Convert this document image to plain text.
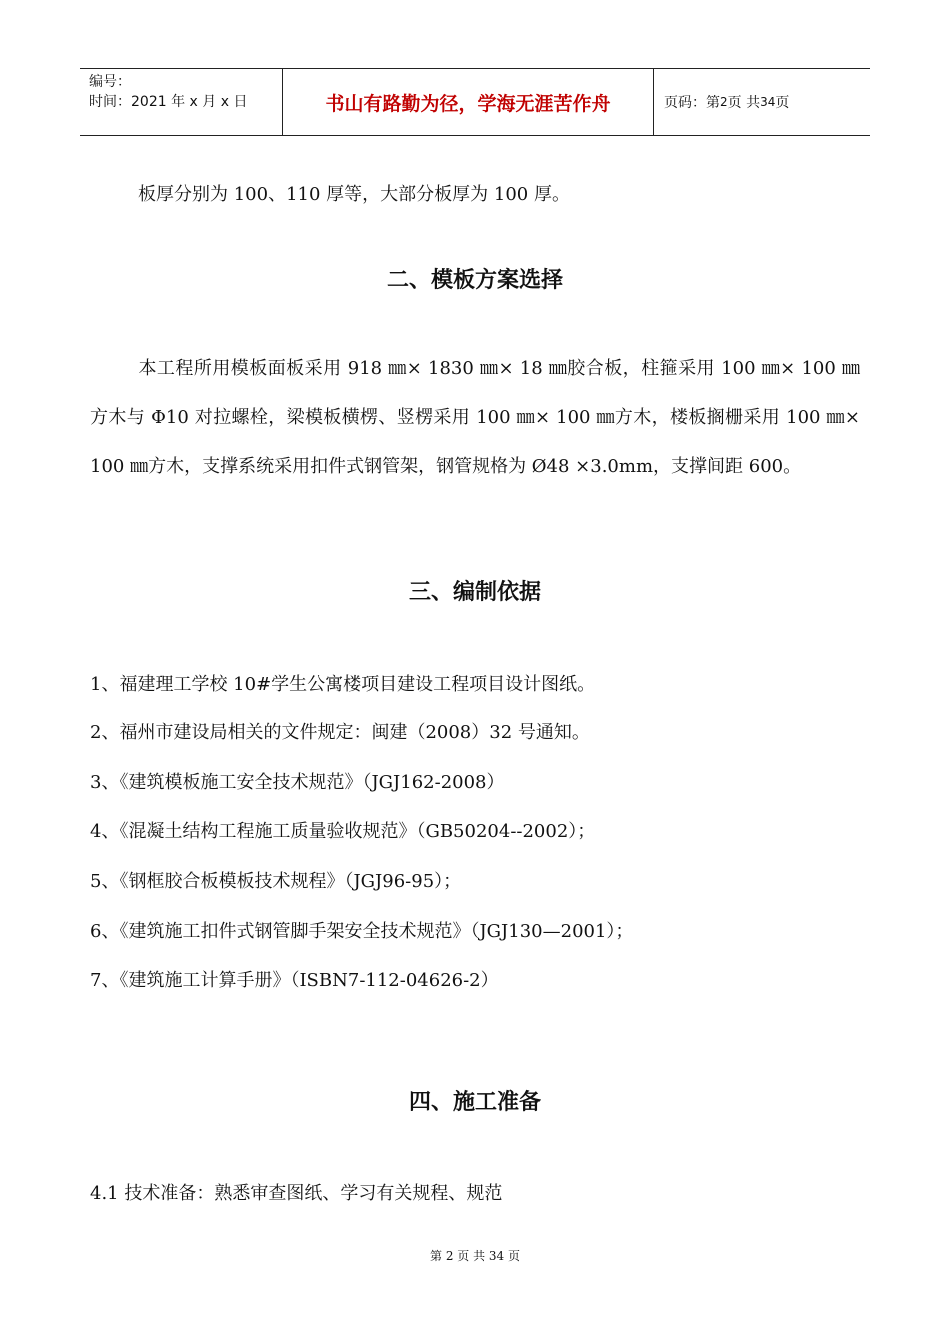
编号：
时间：2021 年 x 月 x 日	书山有路勤为径，学海无涯苦作舟	页码：第 2 页 共 34 页
板厚分别为 100、110 厚等，大部分板厚为 100 厚。
二、模板方案选择
本工程所用模板面板采用 918 ㎜× 1830 ㎜× 18 ㎜胶合板，柱箍采用 100 ㎜× 100 ㎜方木与 Φ10 对拉螺栓，梁模板横楞、竖楞采用 100 ㎜× 100 ㎜方木，楼板搁栅采用 100 ㎜× 100 ㎜方木，支撑系统采用扣件式钢管架，钢管规格为 Ø48 ×3.0mm，支撑间距 600。
三、编制依据
1、福建理工学校 10#学生公寓楼项目建设工程项目设计图纸。
2、福州市建设局相关的文件规定：闽建（2008）32 号通知。
3、《建筑模板施工安全技术规范》（JGJ162-2008）
4、《混凝土结构工程施工质量验收规范》（GB50204--2002）；
5、《钢框胶合板模板技术规程》（JGJ96-95）；
6、《建筑施工扣件式钢管脚手架安全技术规范》（JGJ130—2001）；
7、《建筑施工计算手册》（ISBN7-112-04626-2）
四、施工准备
4.1 技术准备：熟悉审查图纸、学习有关规程、规范
第 2 页 共 34 页
